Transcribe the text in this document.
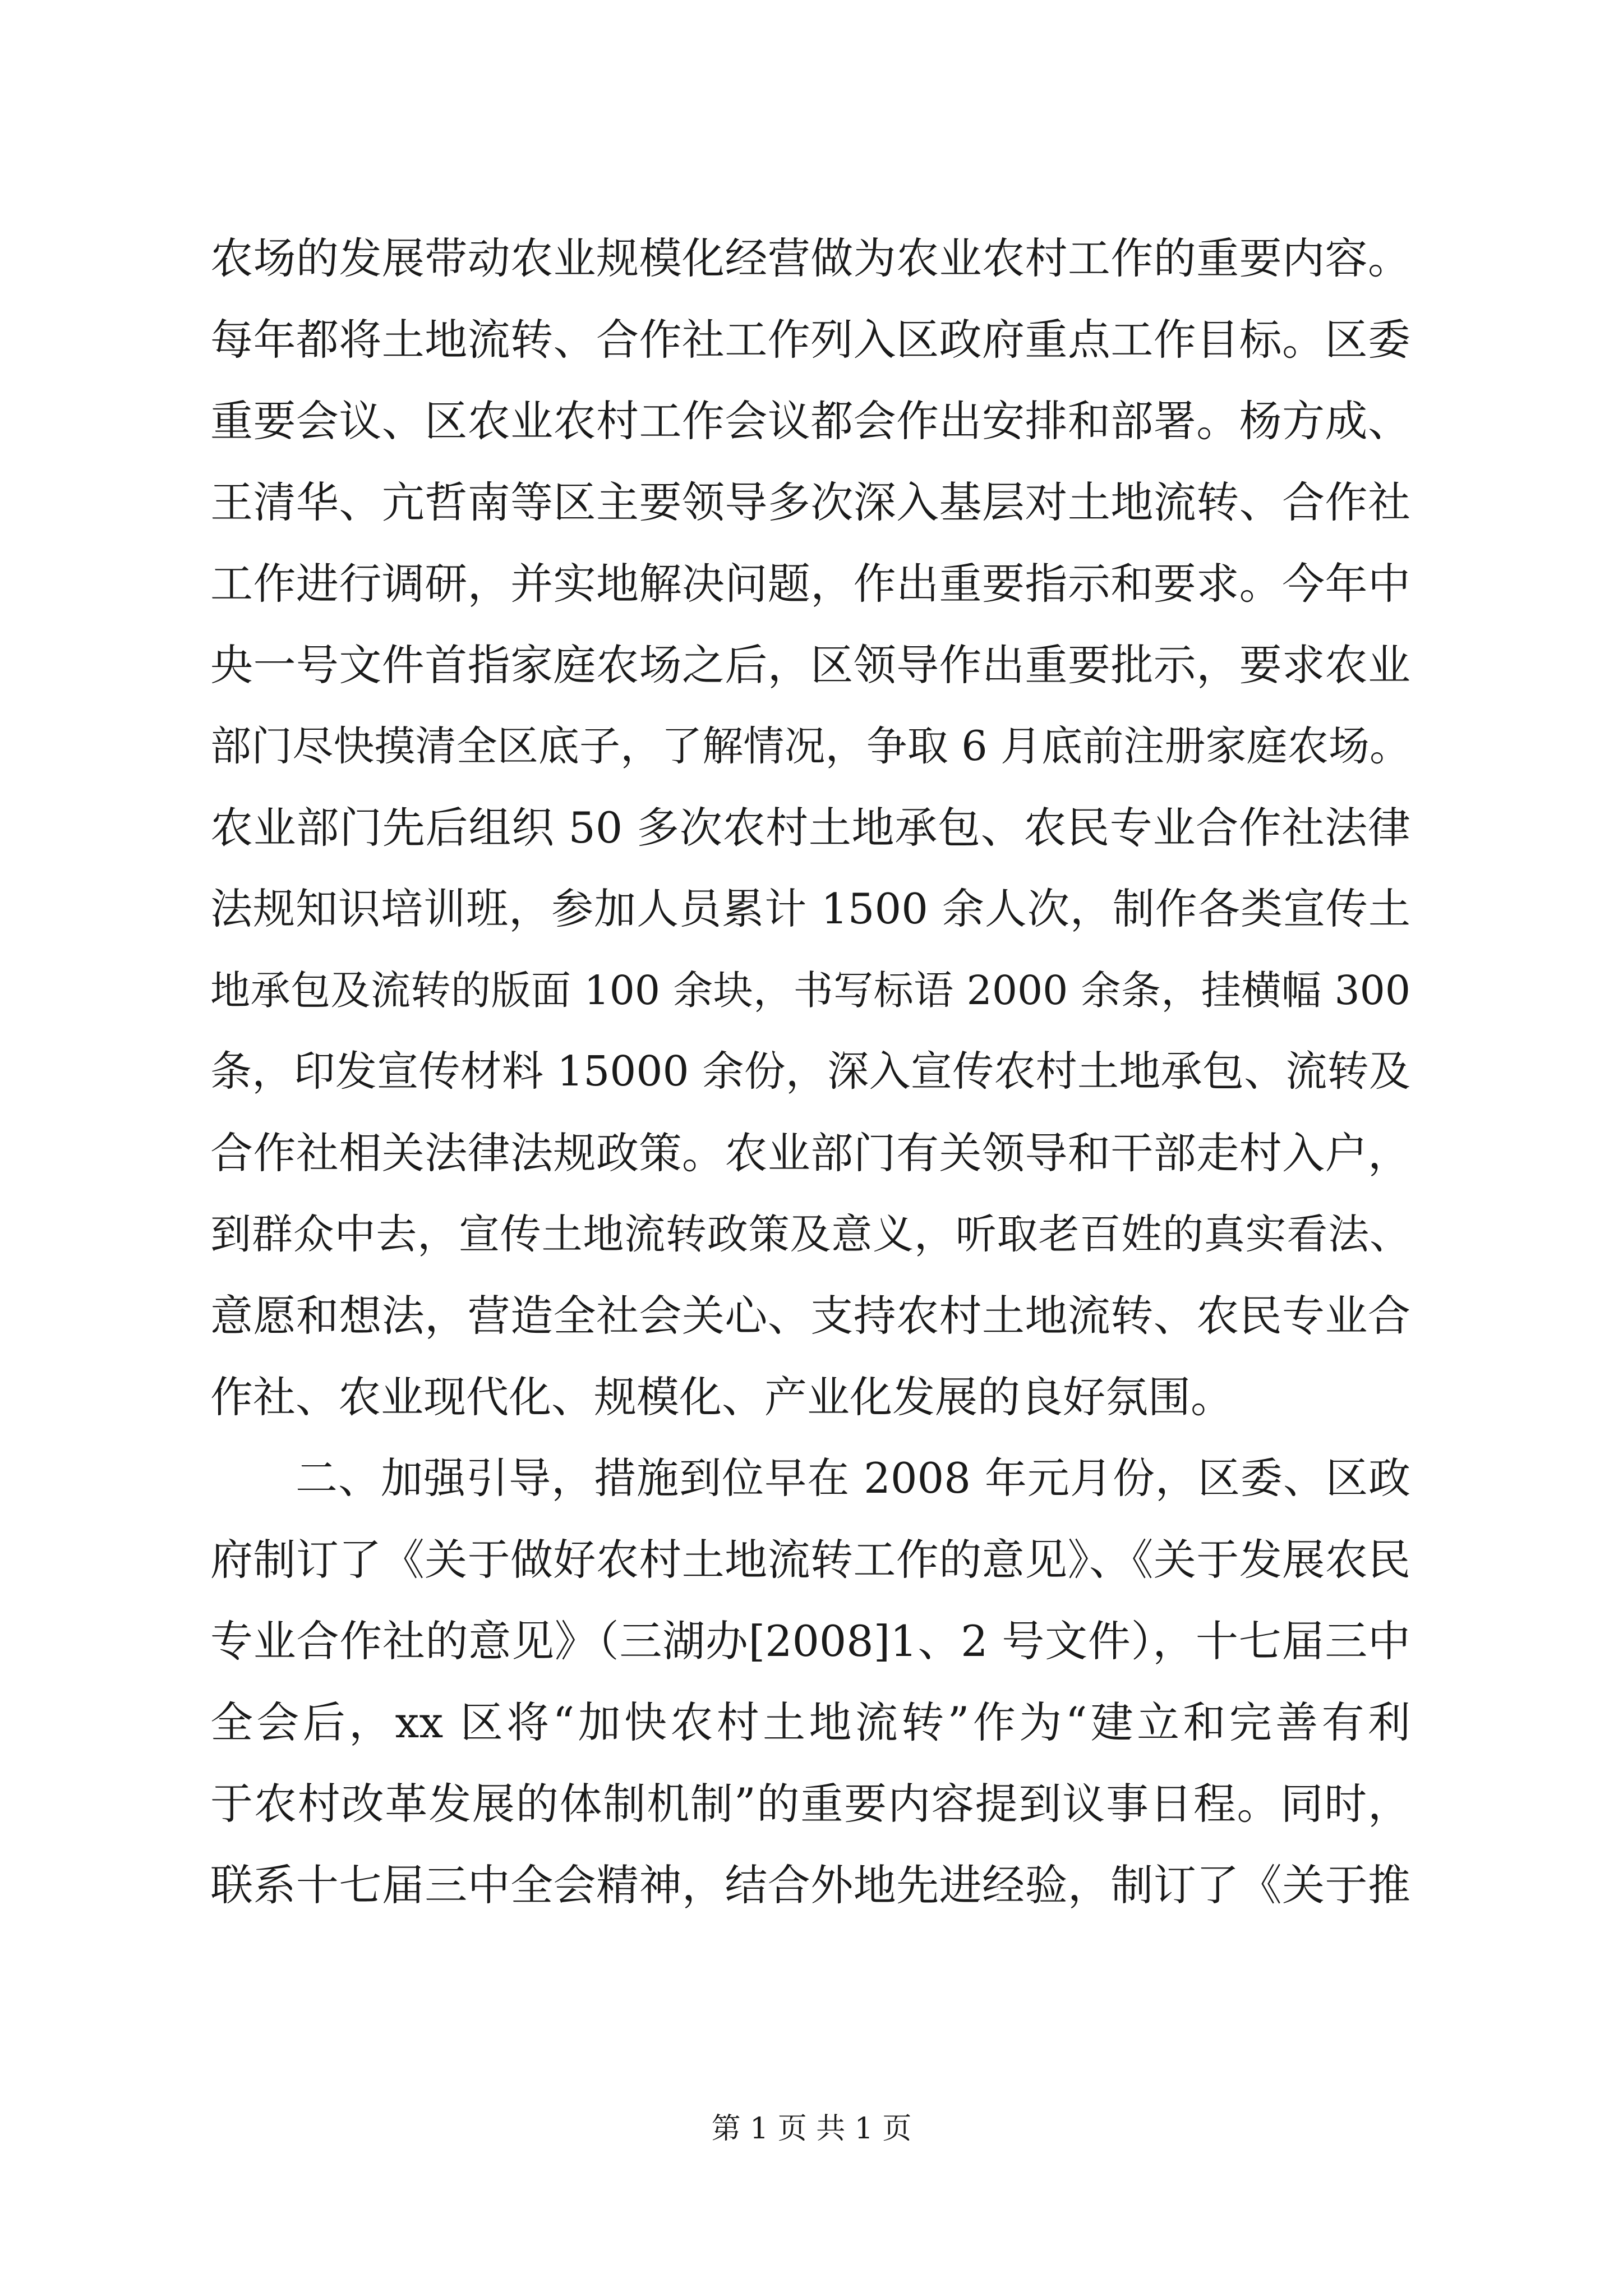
农场的发展带动农业规模化经营做为农业农村工作的重要内容。
每年都将土地流转、合作社工作列入区政府重点工作目标。区委
重要会议、区农业农村工作会议都会作出安排和部署。杨方成、
王清华、亢哲南等区主要领导多次深入基层对土地流转、合作社
工作进行调研，并实地解决问题，作出重要指示和要求。今年中
央一号文件首指家庭农场之后，区领导作出重要批示，要求农业
部门尽快摸清全区底子，了解情况，争取 6 月底前注册家庭农场。
农业部门先后组织 50 多次农村土地承包、农民专业合作社法律
法规知识培训班，参加人员累计 1500 余人次，制作各类宣传土
地承包及流转的版面 100 余块，书写标语 2000 余条，挂横幅 300
条，印发宣传材料 15000 余份，深入宣传农村土地承包、流转及
合作社相关法律法规政策。农业部门有关领导和干部走村入户，
到群众中去，宣传土地流转政策及意义，听取老百姓的真实看法、
意愿和想法，营造全社会关心、支持农村土地流转、农民专业合
作社、农业现代化、规模化、产业化发展的良好氛围。
二、加强引导，措施到位早在 2008 年元月份，区委、区政
府制订了《关于做好农村土地流转工作的意见》、《关于发展农民
专业合作社的意见》（三湖办[2008]1、2 号文件），十七届三中
全会后，xx 区将“加快农村土地流转”作为“建立和完善有利
于农村改革发展的体制机制”的重要内容提到议事日程。同时，
联系十七届三中全会精神，结合外地先进经验，制订了《关于推
第 1 页 共 1 页
